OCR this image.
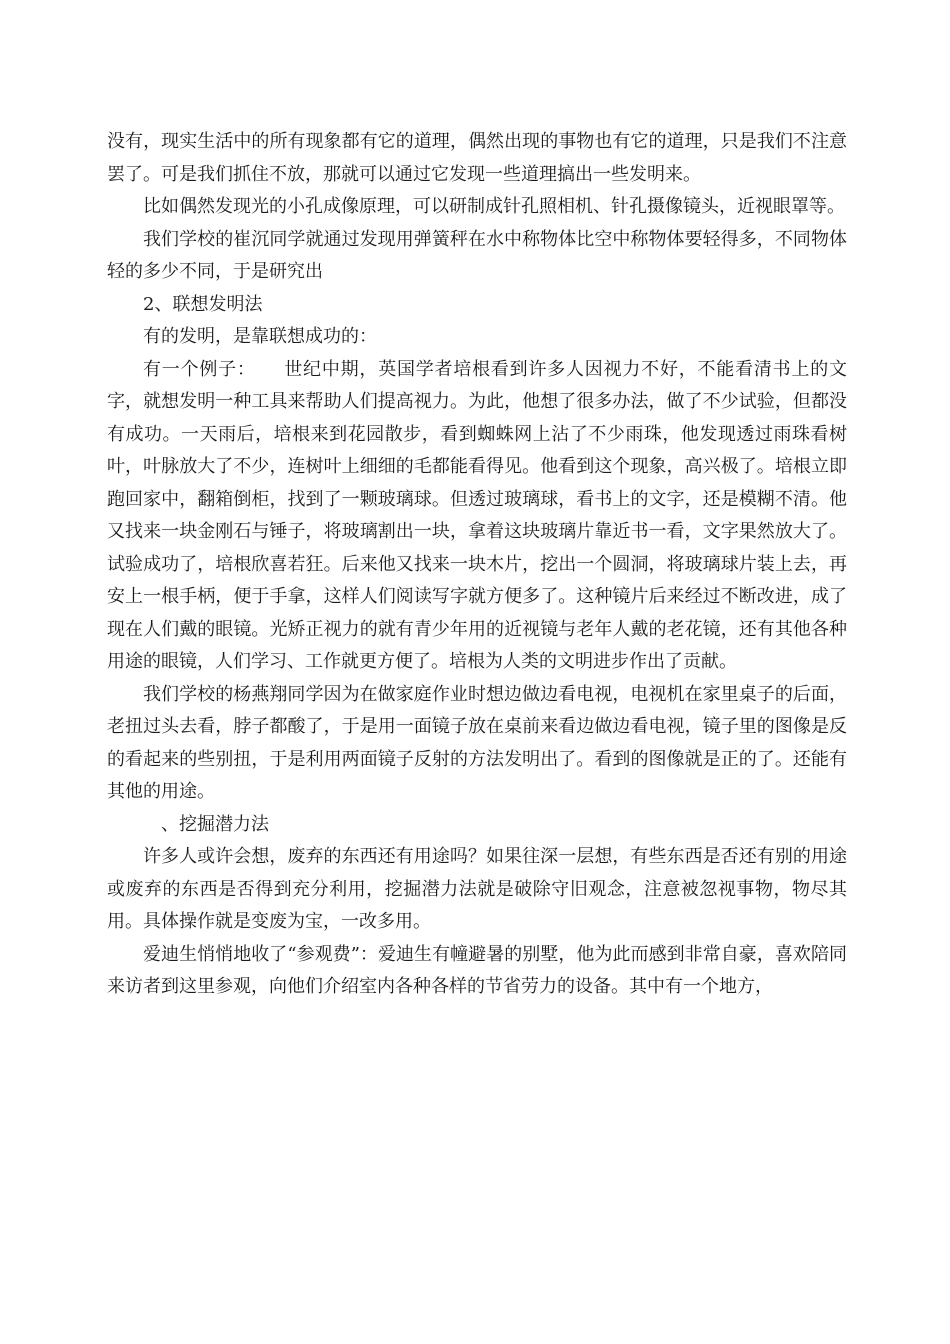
没有，现实生活中的所有现象都有它的道理，偶然出现的事物也有它的道理，只是我们不注意罢了。可是我们抓住不放，那就可以通过它发现一些道理搞出一些发明来。

比如偶然发现光的小孔成像原理，可以研制成针孔照相机、针孔摄像镜头，近视眼罩等。

我们学校的崔沉同学就通过发现用弹簧秤在水中称物体比空中称物体要轻得多，不同物体轻的多少不同，于是研究出

2、联想发明法

有的发明，是靠联想成功的：

有一个例子：　　世纪中期，英国学者培根看到许多人因视力不好，不能看清书上的文字，就想发明一种工具来帮助人们提高视力。为此，他想了很多办法，做了不少试验，但都没有成功。一天雨后，培根来到花园散步，看到蜘蛛网上沾了不少雨珠，他发现透过雨珠看树叶，叶脉放大了不少，连树叶上细细的毛都能看得见。他看到这个现象，高兴极了。培根立即跑回家中，翻箱倒柜，找到了一颗玻璃球。但透过玻璃球，看书上的文字，还是模糊不清。他又找来一块金刚石与锤子，将玻璃割出一块，拿着这块玻璃片靠近书一看，文字果然放大了。试验成功了，培根欣喜若狂。后来他又找来一块木片，挖出一个圆洞，将玻璃球片装上去，再安上一根手柄，便于手拿，这样人们阅读写字就方便多了。这种镜片后来经过不断改进，成了现在人们戴的眼镜。光矫正视力的就有青少年用的近视镜与老年人戴的老花镜，还有其他各种用途的眼镜，人们学习、工作就更方便了。培根为人类的文明进步作出了贡献。

我们学校的杨燕翔同学因为在做家庭作业时想边做边看电视，电视机在家里桌子的后面，老扭过头去看，脖子都酸了，于是用一面镜子放在桌前来看边做边看电视，镜子里的图像是反的看起来的些别扭，于是利用两面镜子反射的方法发明出了。看到的图像就是正的了。还能有其他的用途。

　、挖掘潜力法

许多人或许会想，废弃的东西还有用途吗？如果往深一层想，有些东西是否还有别的用途或废弃的东西是否得到充分利用，挖掘潜力法就是破除守旧观念，注意被忽视事物，物尽其用。具体操作就是变废为宝，一改多用。

爱迪生悄悄地收了“参观费”：爱迪生有幢避暑的别墅，他为此而感到非常自豪，喜欢陪同来访者到这里参观，向他们介绍室内各种各样的节省劳力的设备。其中有一个地方，
